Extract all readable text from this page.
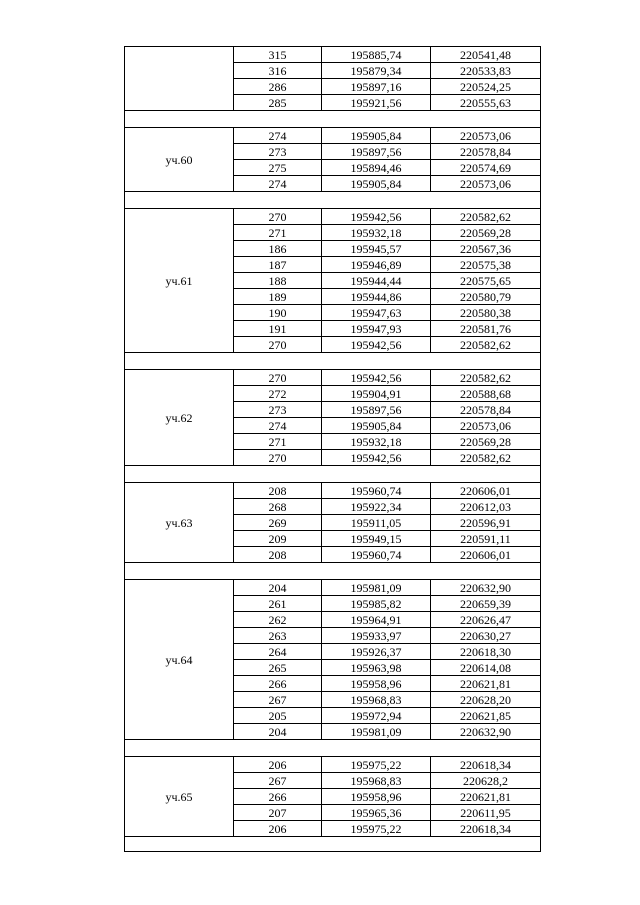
	315	195885,74	220541,48
	316	195879,34	220533,83
	286	195897,16	220524,25
	285	195921,56	220555,63

уч.60	274	195905,84	220573,06
	273	195897,56	220578,84
	275	195894,46	220574,69
	274	195905,84	220573,06

уч.61	270	195942,56	220582,62
	271	195932,18	220569,28
	186	195945,57	220567,36
	187	195946,89	220575,38
	188	195944,44	220575,65
	189	195944,86	220580,79
	190	195947,63	220580,38
	191	195947,93	220581,76
	270	195942,56	220582,62

уч.62	270	195942,56	220582,62
	272	195904,91	220588,68
	273	195897,56	220578,84
	274	195905,84	220573,06
	271	195932,18	220569,28
	270	195942,56	220582,62

уч.63	208	195960,74	220606,01
	268	195922,34	220612,03
	269	195911,05	220596,91
	209	195949,15	220591,11
	208	195960,74	220606,01

уч.64	204	195981,09	220632,90
	261	195985,82	220659,39
	262	195964,91	220626,47
	263	195933,97	220630,27
	264	195926,37	220618,30
	265	195963,98	220614,08
	266	195958,96	220621,81
	267	195968,83	220628,20
	205	195972,94	220621,85
	204	195981,09	220632,90

уч.65	206	195975,22	220618,34
	267	195968,83	220628,2
	266	195958,96	220621,81
	207	195965,36	220611,95
	206	195975,22	220618,34
